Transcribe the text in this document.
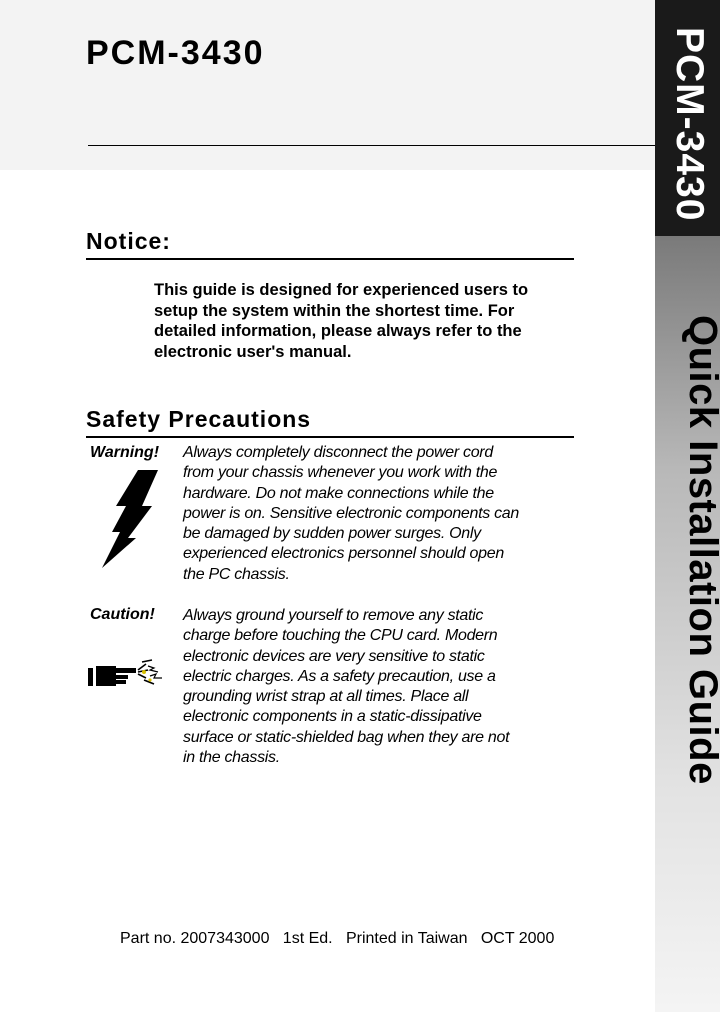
PCM-3430	PCM-3430
Quick Installation Guide
Notice:
This guide is designed for experienced users to
setup the system within the shortest time. For
detailed information, please always refer to the
electronic user's manual.
Safety Precautions
Warning! Always completely disconnect the power cord
from your chassis whenever you work with the
hardware. Do not make connections while the
power is on. Sensitive electronic components can
be damaged by sudden power surges. Only
experienced electronics personnel should open
the PC chassis.
Caution! Always ground yourself to remove any static
charge before touching the CPU card. Modern
electronic devices are very sensitive to static
electric charges. As a safety precaution, use a
grounding wrist strap at all times. Place all
electronic components in a static-dissipative
surface or static-shielded bag when they are not
in the chassis.
Part no. 2007343000   1st Ed.   Printed in Taiwan   OCT 2000
